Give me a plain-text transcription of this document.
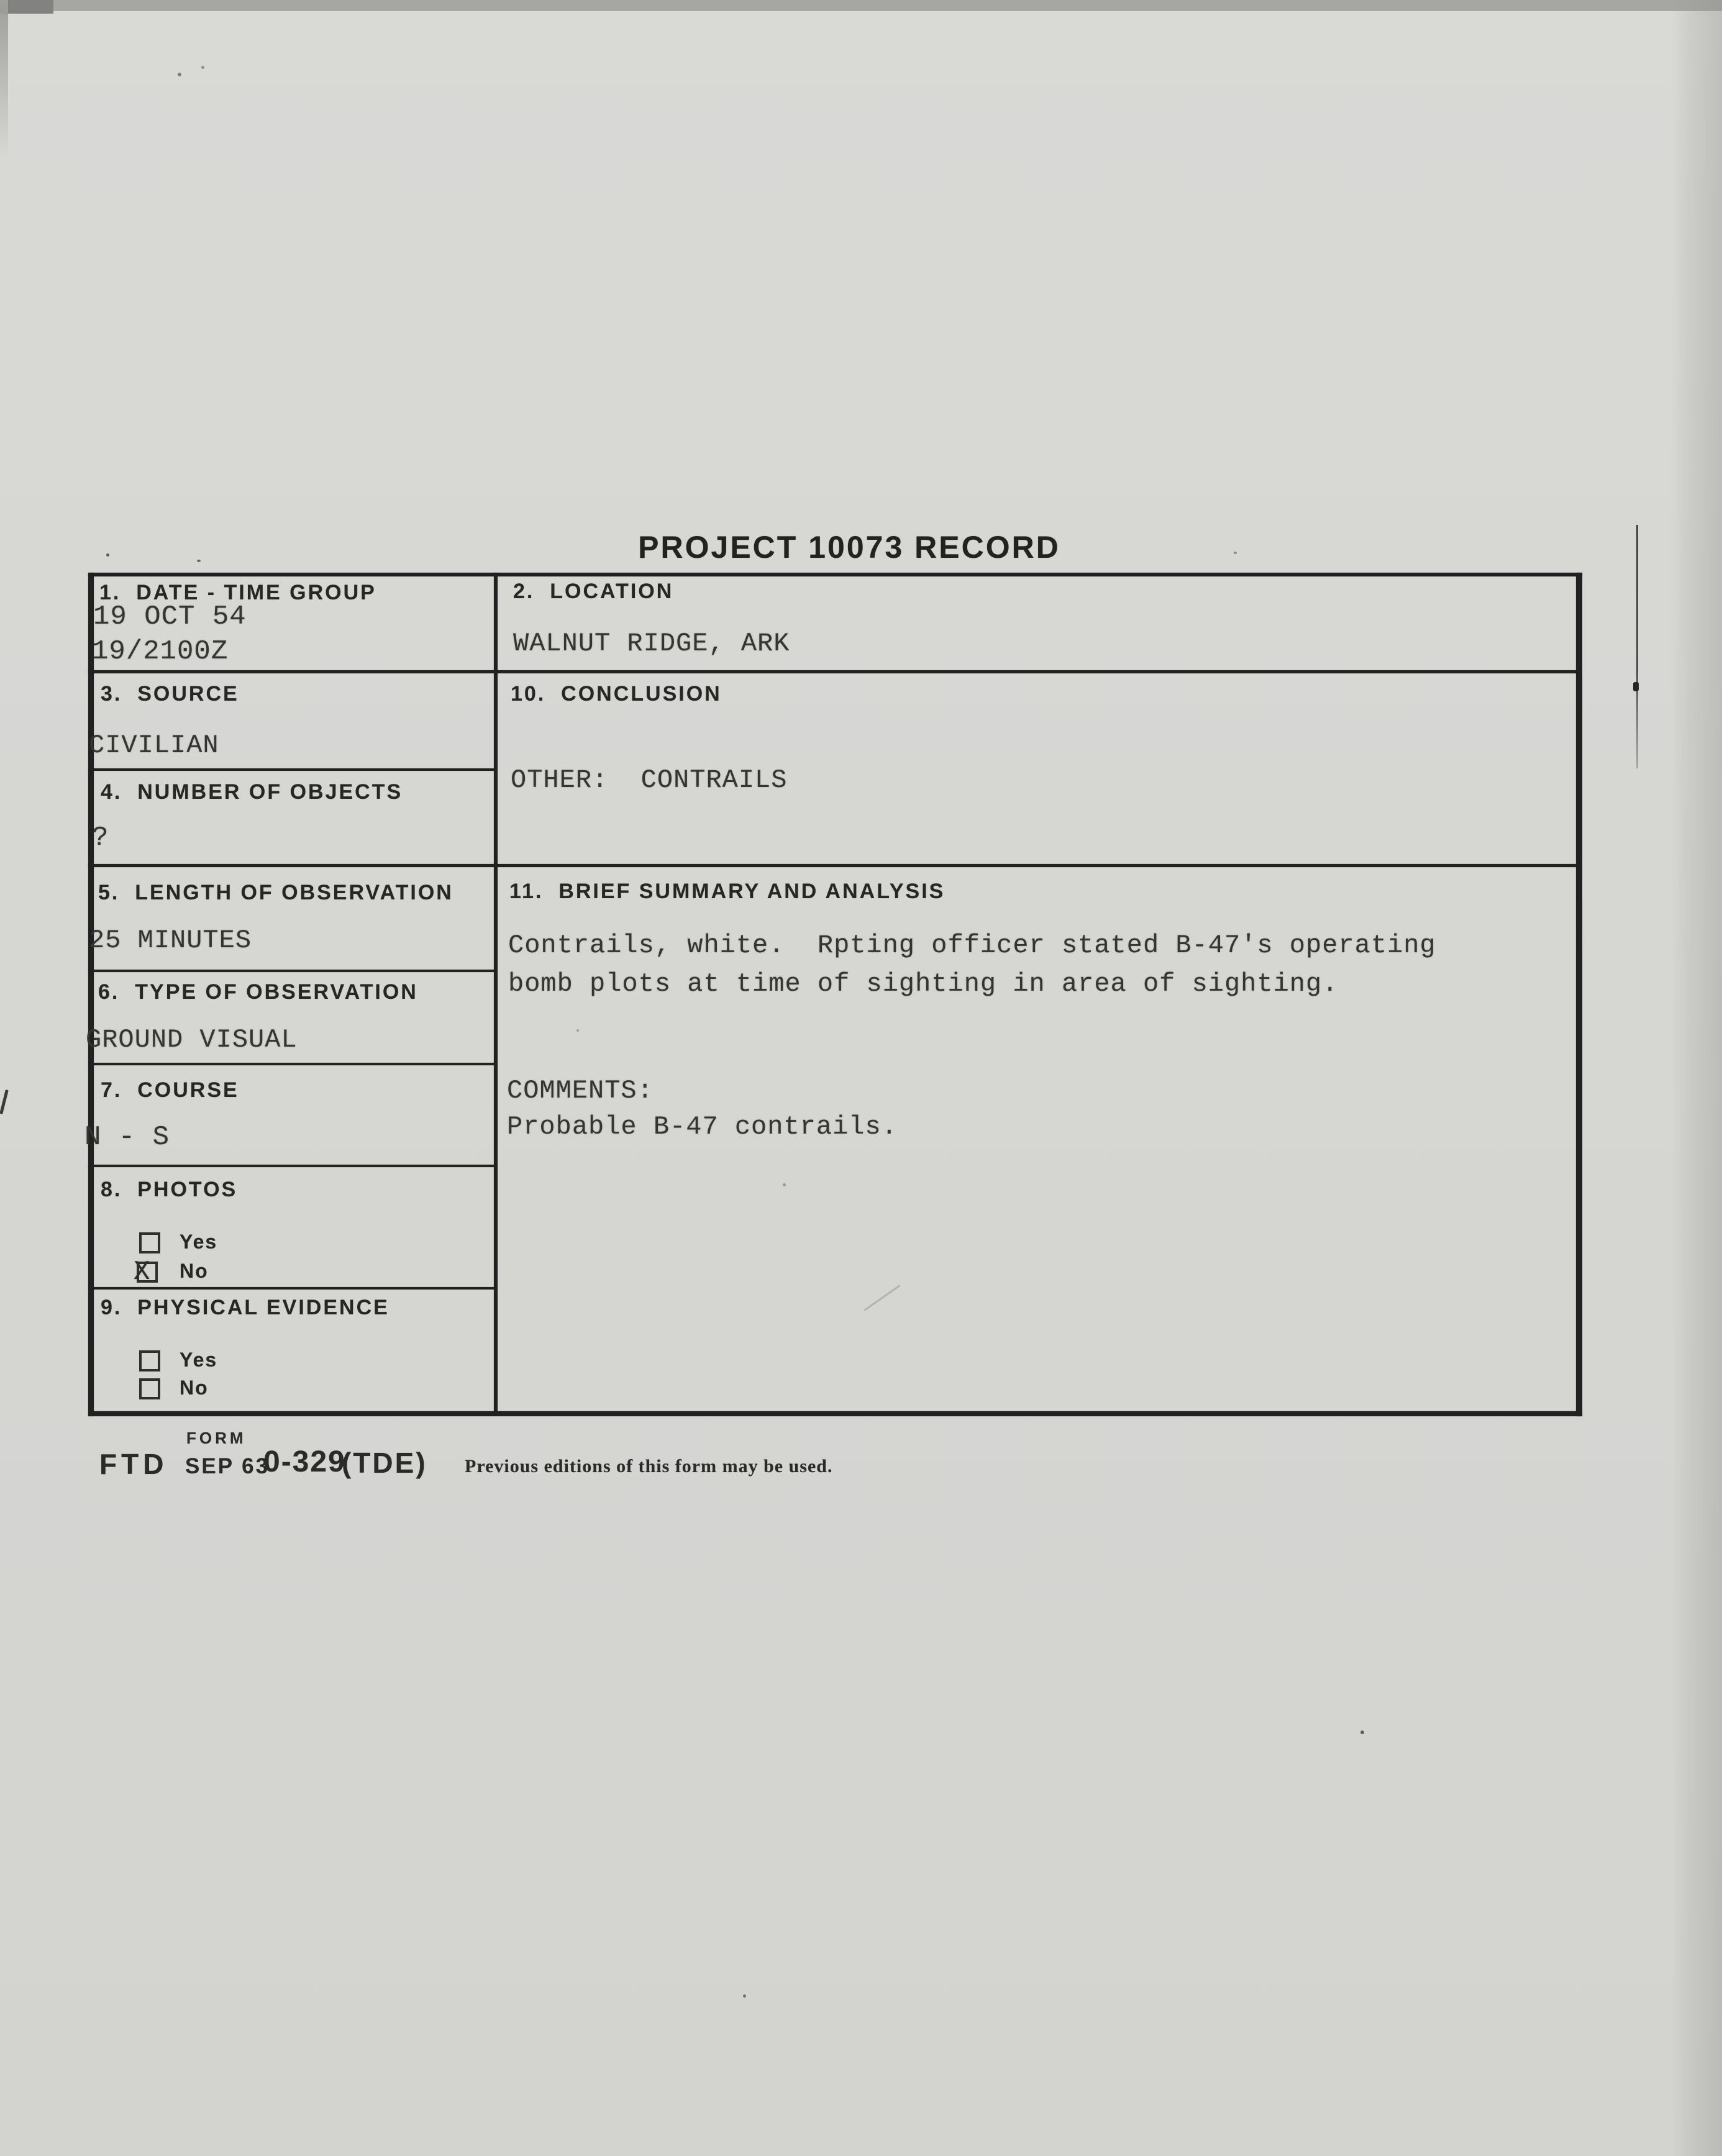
PROJECT 10073 RECORD
1.  DATE - TIME GROUP
19 OCT 54
19/2100Z
2.  LOCATION
WALNUT RIDGE, ARK
3.  SOURCE
CIVILIAN
4.  NUMBER OF OBJECTS
?
5.  LENGTH OF OBSERVATION
25 MINUTES
6.  TYPE OF OBSERVATION
GROUND VISUAL
7.  COURSE
N - S
8.  PHOTOS
Yes
X No
9.  PHYSICAL EVIDENCE
Yes
No
10.  CONCLUSION
OTHER:  CONTRAILS
11.  BRIEF SUMMARY AND ANALYSIS
Contrails, white.  Rpting officer stated B-47's operating
bomb plots at time of sighting in area of sighting.
COMMENTS:
Probable B-47 contrails.
FORM
FTD SEP 63
0-329
(TDE) Previous editions of this form may be used.
